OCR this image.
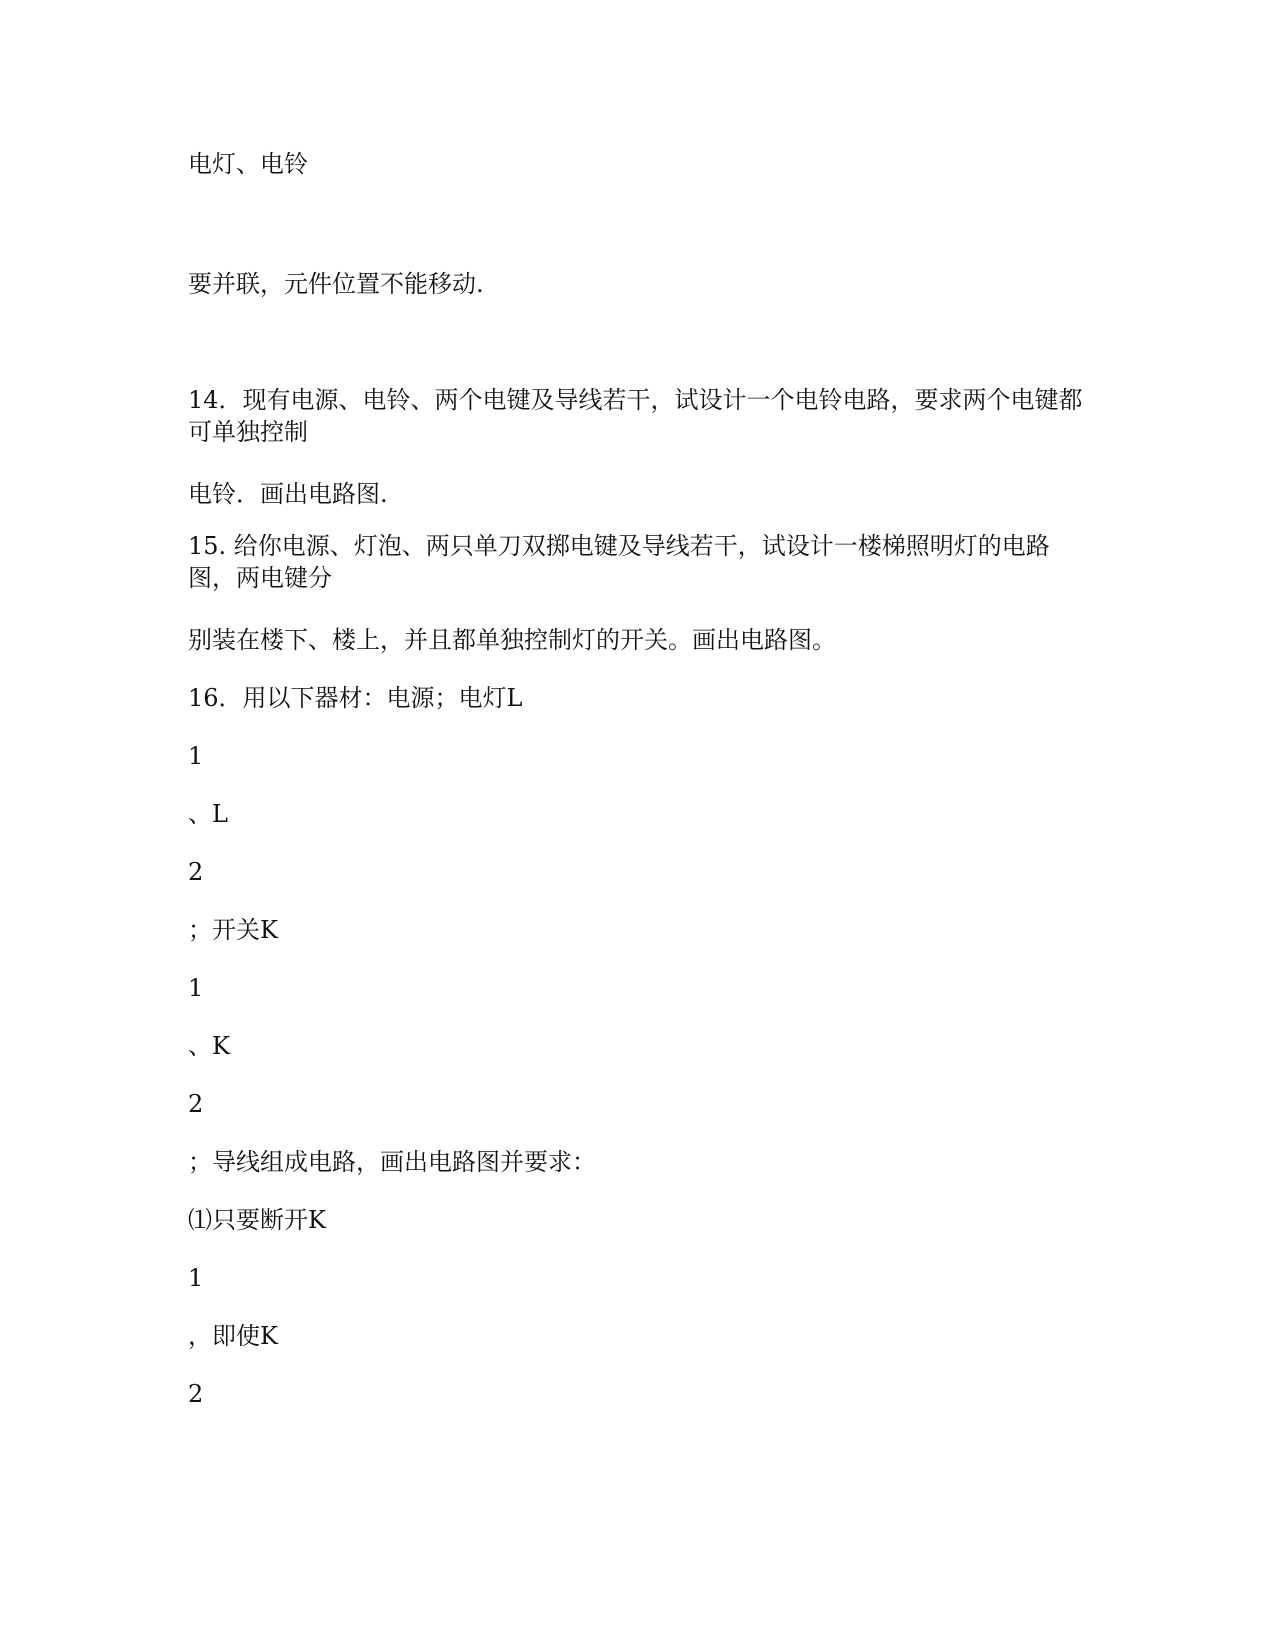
电灯、电铃

要并联，元件位置不能移动.

14．现有电源、电铃、两个电键及导线若干，试设计一个电铃电路，要求两个电键都可单独控制

电铃．画出电路图.

15. 给你电源、灯泡、两只单刀双掷电键及导线若干，试设计一楼梯照明灯的电路图，两电键分

别装在楼下、楼上，并且都单独控制灯的开关。画出电路图。

16．用以下器材：电源；电灯L

1

、L

2

；开关K

1

、K

2

；导线组成电路，画出电路图并要求：

⑴只要断开K

1

，即使K

2
